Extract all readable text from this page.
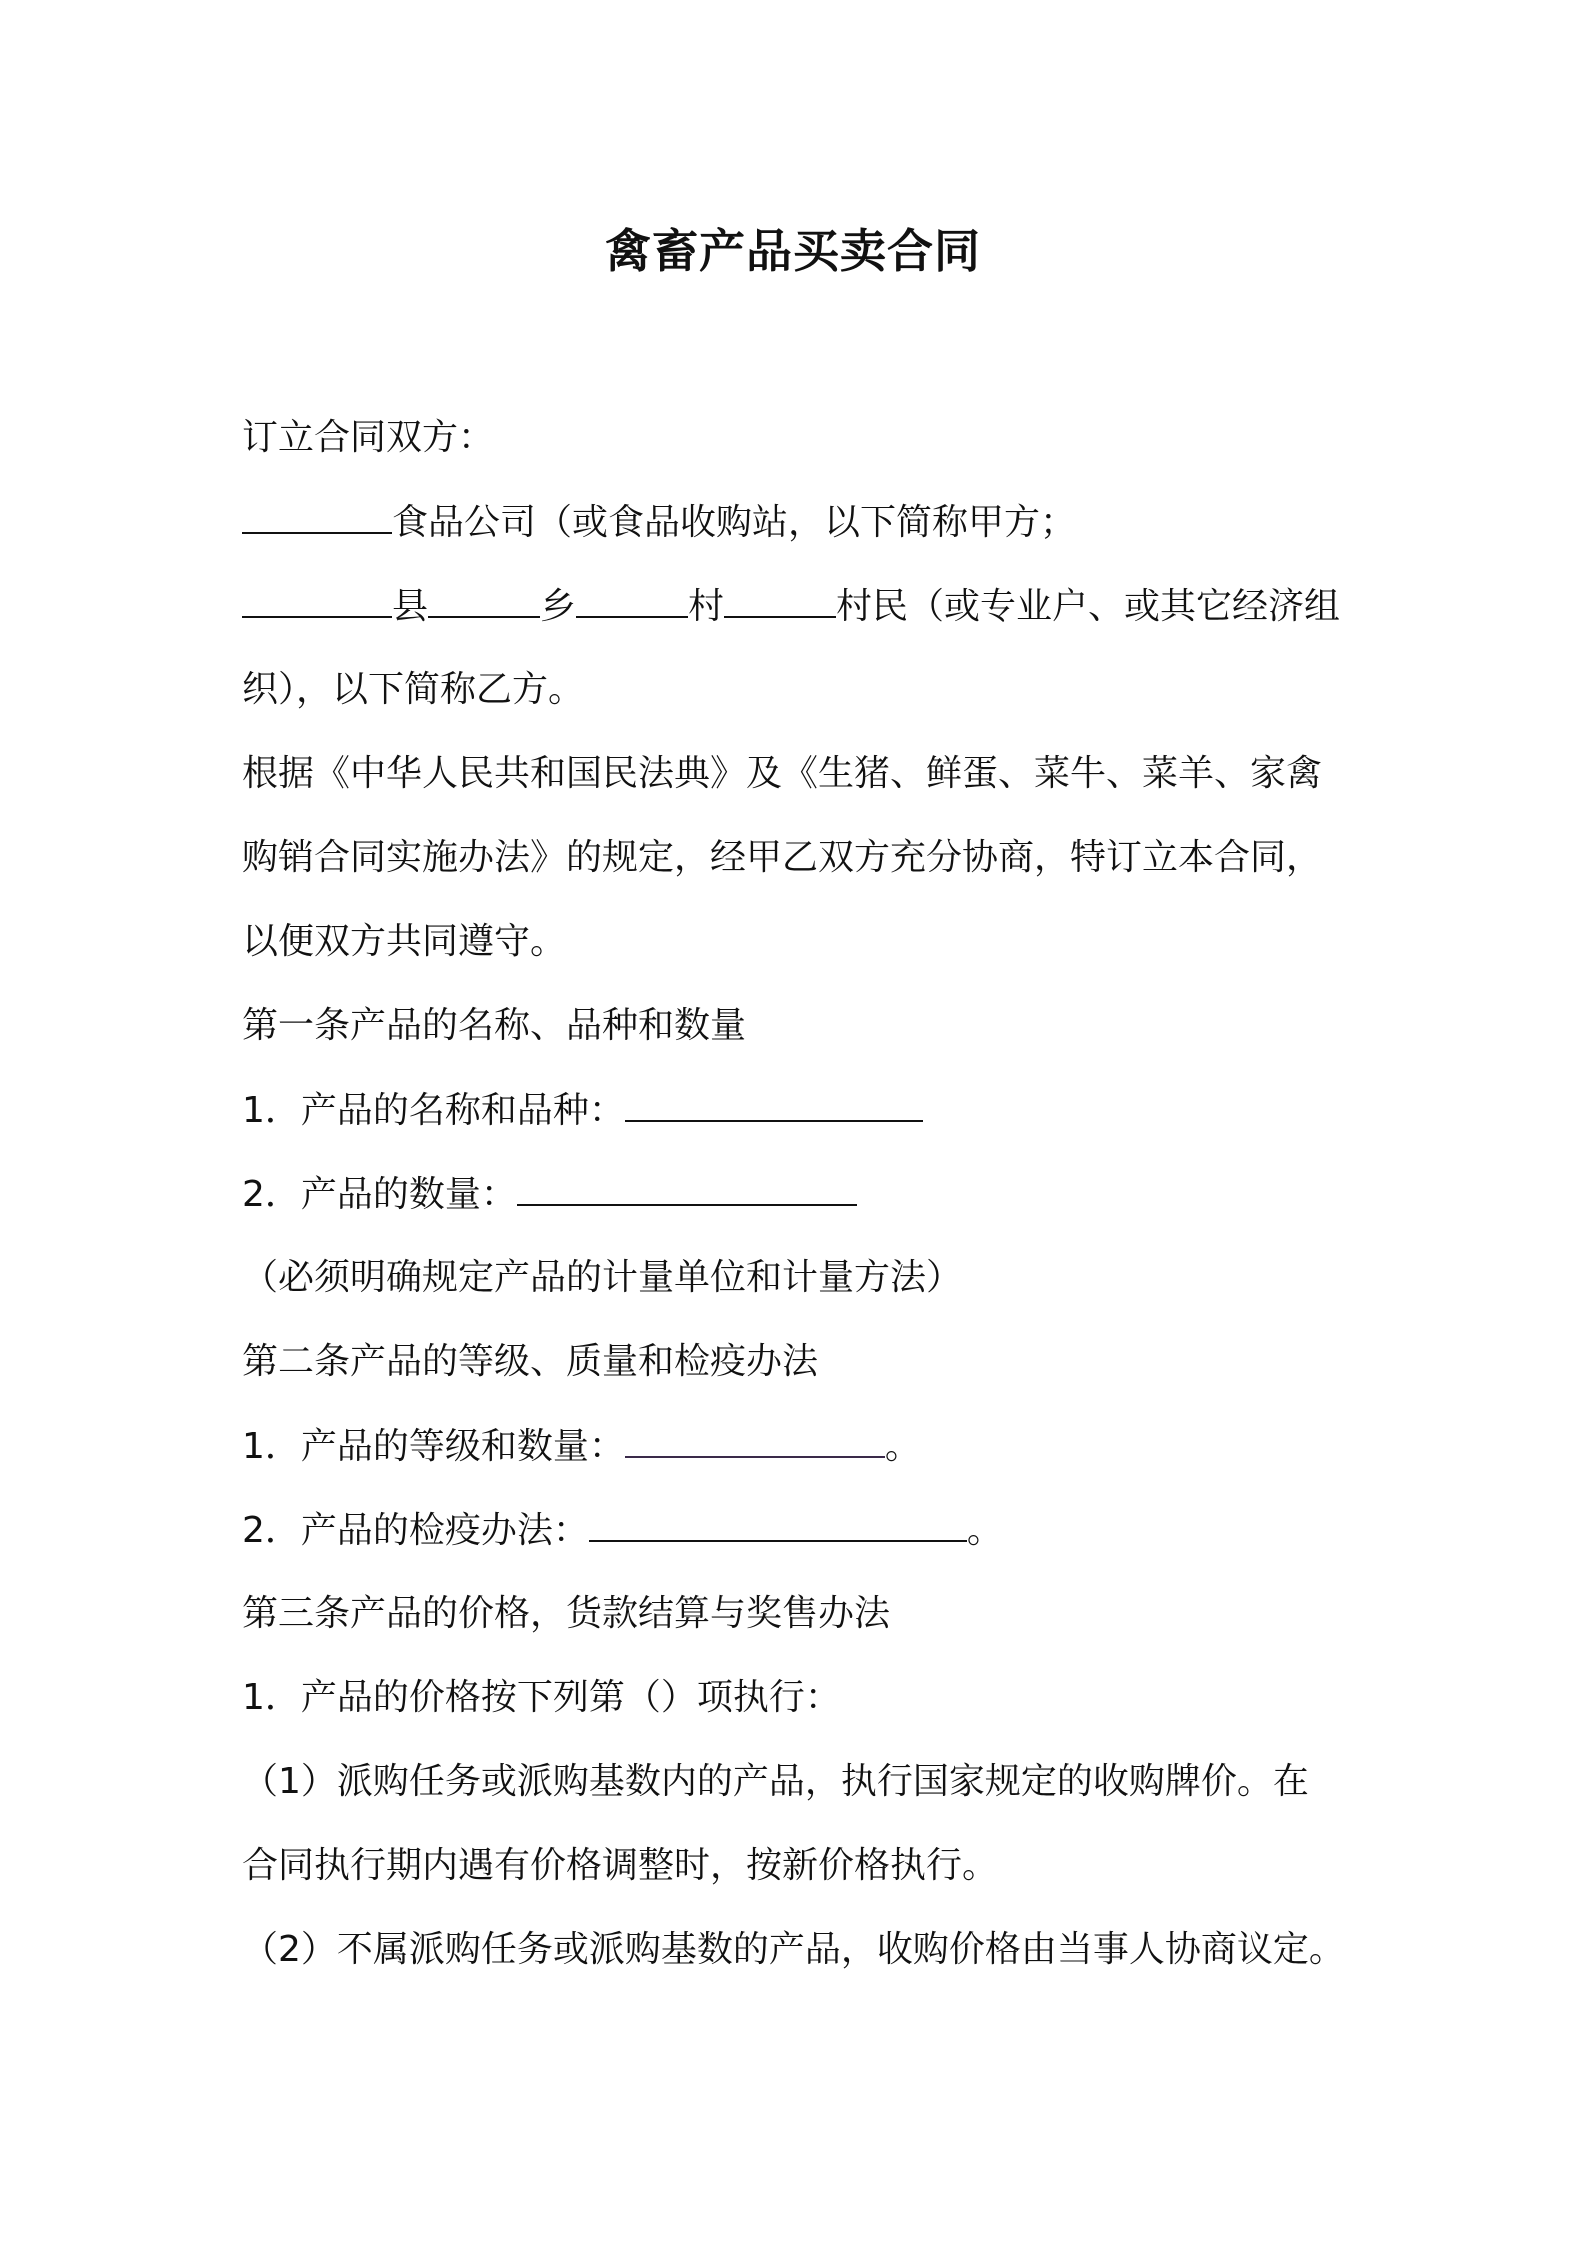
禽畜产品买卖合同
订立合同双方：
食品公司（或食品收购站，以下简称甲方；
县	乡	村	村民（或专业户、或其它经济组
织），以下简称乙方。
根据《中华人民共和国民法典》及《生猪、鲜蛋、菜牛、菜羊、家禽
购销合同实施办法》的规定，经甲乙双方充分协商，特订立本合同，
以便双方共同遵守。
第一条产品的名称、品种和数量
1．产品的名称和品种：
2．产品的数量：
（必须明确规定产品的计量单位和计量方法）
第二条产品的等级、质量和检疫办法
1．产品的等级和数量：	。
2．产品的检疫办法：	。
第三条产品的价格，货款结算与奖售办法
1．产品的价格按下列第（）项执行：
（1）派购任务或派购基数内的产品，执行国家规定的收购牌价。在
合同执行期内遇有价格调整时，按新价格执行。
（2）不属派购任务或派购基数的产品，收购价格由当事人协商议定。
